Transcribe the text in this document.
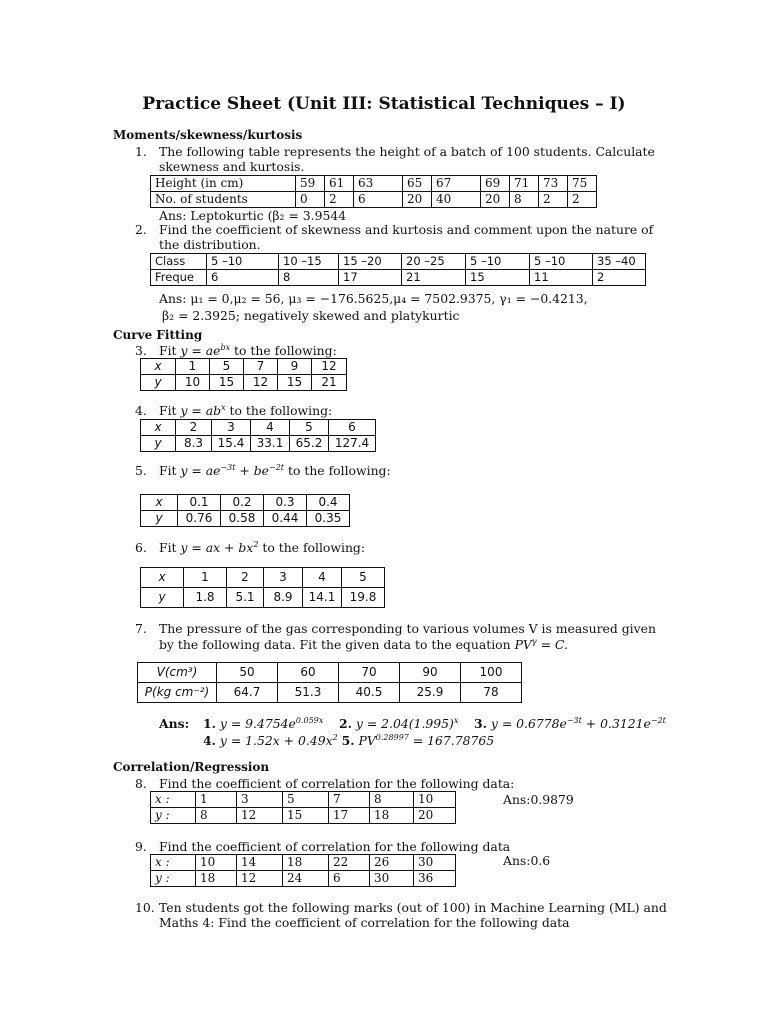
Practice Sheet (Unit III: Statistical Techniques – I)
Moments/skewness/kurtosis
1. The following table represents the height of a batch of 100 students. Calculate
skewness and kurtosis.
Height (in cm)	59	61	63	65	67	69	71	73	75
No. of students	0	2	6	20	40	20	8	2	2
Ans: Leptokurtic (β₂ = 3.9544
2. Find the coefficient of skewness and kurtosis and comment upon the nature of
the distribution.
Class	5 –10	10 –15	15 –20	20 –25	5 –10	5 –10	35 –40
Freque	6	8	17	21	15	11	2
Ans: μ₁ = 0,μ₂ = 56, μ₃ = −176.5625,μ₄ = 7502.9375, γ₁ = −0.4213,
β₂ = 2.3925; negatively skewed and platykurtic
Curve Fitting
3. Fit $y = ae^{bx}$ to the following:
x	1	5	7	9	12
y	10	15	12	15	21
4. Fit $y = ab^x$ to the following:
x	2	3	4	5	6
y	8.3	15.4	33.1	65.2	127.4
5. Fit $y = ae^{-3t} + be^{-2t}$ to the following:
x	0.1	0.2	0.3	0.4
y	0.76	0.58	0.44	0.35
6. Fit y = ax + $bx^2$ to the following:
x	1	2	3	4	5
y	1.8	5.1	8.9	14.1	19.8
7. The pressure of the gas corresponding to various volumes V is measured given
by the following data. Fit the given data to the equation $PV^\gamma = C$.
V(cm³)	50	60	70	90	100
P(kg cm⁻²)	64.7	51.3	40.5	25.9	78
Ans: 1. $y = 9.4754e^{0.059x}$ 2. $y = 2.04(1.995)^x$ 3. $y = 0.6778e^{-3t} + 0.3121e^{-2t}$
4. $y = 1.52x + 0.49x^2$ 5. $PV^{0.28997} = 167.78765$
Correlation/Regression
8. Find the coefficient of correlation for the following data:
x :	1	3	5	7	8	10
y :	8	12	15	17	18	20
Ans:0.9879
9. Find the coefficient of correlation for the following data
x :	10	14	18	22	26	30
y :	18	12	24	6	30	36
Ans:0.6
10. Ten students got the following marks (out of 100) in Machine Learning (ML) and
Maths 4: Find the coefficient of correlation for the following data
